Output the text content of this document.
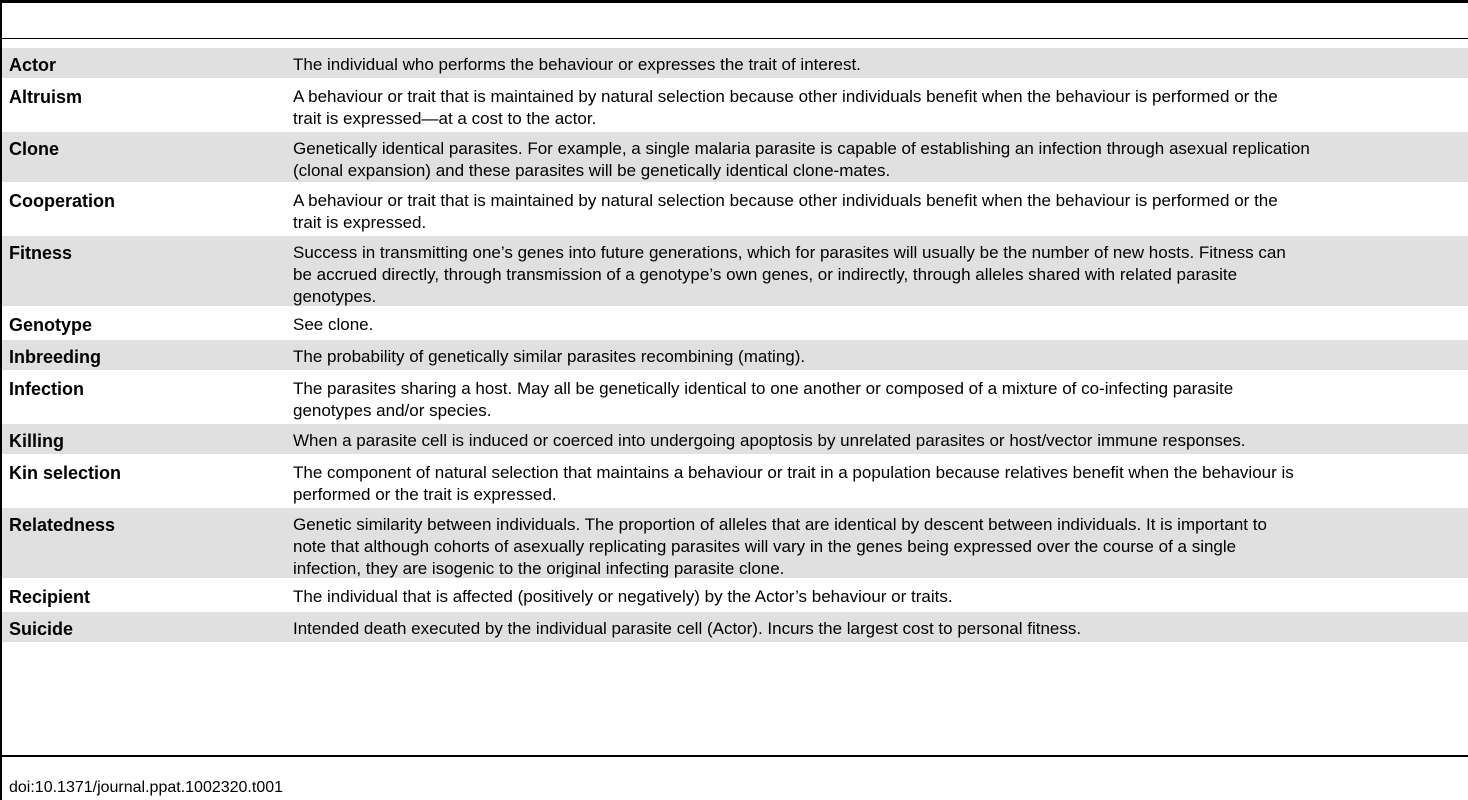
Actor	The individual who performs the behaviour or expresses the trait of interest.
Altruism	A behaviour or trait that is maintained by natural selection because other individuals benefit when the behaviour is performed or the
trait is expressed—at a cost to the actor.
Clone	Genetically identical parasites. For example, a single malaria parasite is capable of establishing an infection through asexual replication
(clonal expansion) and these parasites will be genetically identical clone-mates.
Cooperation	A behaviour or trait that is maintained by natural selection because other individuals benefit when the behaviour is performed or the
trait is expressed.
Fitness	Success in transmitting one’s genes into future generations, which for parasites will usually be the number of new hosts. Fitness can
be accrued directly, through transmission of a genotype’s own genes, or indirectly, through alleles shared with related parasite
genotypes.
Genotype	See clone.
Inbreeding	The probability of genetically similar parasites recombining (mating).
Infection	The parasites sharing a host. May all be genetically identical to one another or composed of a mixture of co-infecting parasite
genotypes and/or species.
Killing	When a parasite cell is induced or coerced into undergoing apoptosis by unrelated parasites or host/vector immune responses.
Kin selection	The component of natural selection that maintains a behaviour or trait in a population because relatives benefit when the behaviour is
performed or the trait is expressed.
Relatedness	Genetic similarity between individuals. The proportion of alleles that are identical by descent between individuals. It is important to
note that although cohorts of asexually replicating parasites will vary in the genes being expressed over the course of a single
infection, they are isogenic to the original infecting parasite clone.
Recipient	The individual that is affected (positively or negatively) by the Actor’s behaviour or traits.
Suicide	Intended death executed by the individual parasite cell (Actor). Incurs the largest cost to personal fitness.
doi:10.1371/journal.ppat.1002320.t001
